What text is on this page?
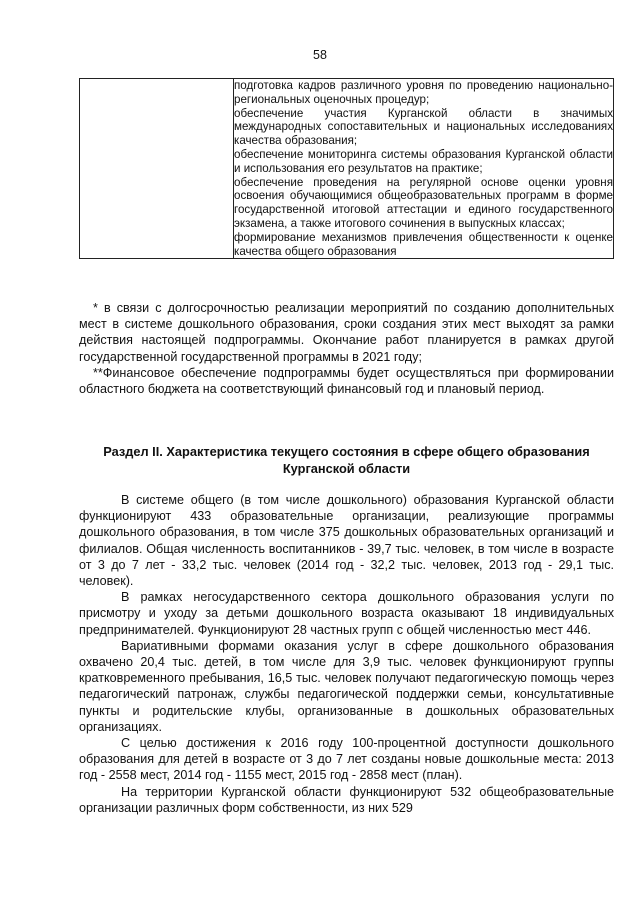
58

подготовка кадров различного уровня по проведению национально-региональных оценочных процедур;

обеспечение участия Курганской области в значимых международных сопоставительных и национальных исследованиях качества образования;

обеспечение мониторинга системы образования Курганской области и использования его результатов на практике;

обеспечение проведения на регулярной основе оценки уровня освоения обучающимися общеобразовательных программ в форме государственной итоговой аттестации и единого государственного экзамена, а также итогового сочинения в выпускных классах;

формирование механизмов привлечения общественности к оценке качества общего образования

* в связи с долгосрочностью реализации мероприятий по созданию дополнительных мест в системе дошкольного образования, сроки создания этих мест выходят за рамки действия настоящей подпрограммы. Окончание работ планируется в рамках другой государственной государственной программы в 2021 году;

**Финансовое обеспечение подпрограммы будет осуществляться при формировании областного бюджета на соответствующий финансовый год и плановый период.

Раздел II. Характеристика текущего состояния в сфере общего образования Курганской области

В системе общего (в том числе дошкольного) образования Курганской области функционируют 433 образовательные организации, реализующие программы дошкольного образования, в том числе 375 дошкольных образовательных организаций и филиалов. Общая численность воспитанников - 39,7 тыс. человек, в том числе в возрасте от 3 до 7 лет - 33,2 тыс. человек (2014 год - 32,2 тыс. человек, 2013 год - 29,1 тыс. человек).

В рамках негосударственного сектора дошкольного образования услуги по присмотру и уходу за детьми дошкольного возраста оказывают 18 индивидуальных предпринимателей. Функционируют 28 частных групп с общей численностью мест 446.

Вариативными формами оказания услуг в сфере дошкольного образования охвачено 20,4 тыс. детей, в том числе для 3,9 тыс. человек функционируют группы кратковременного пребывания, 16,5 тыс. человек получают педагогическую помощь через педагогический патронаж, службы педагогической поддержки семьи, консультативные пункты и родительские клубы, организованные в дошкольных образовательных организациях.

С целью достижения к 2016 году 100-процентной доступности дошкольного образования для детей в возрасте от 3 до 7 лет созданы новые дошкольные места: 2013 год - 2558 мест, 2014 год - 1155 мест, 2015 год - 2858 мест (план).

На территории Курганской области функционируют 532 общеобразовательные организации различных форм собственности, из них 529
